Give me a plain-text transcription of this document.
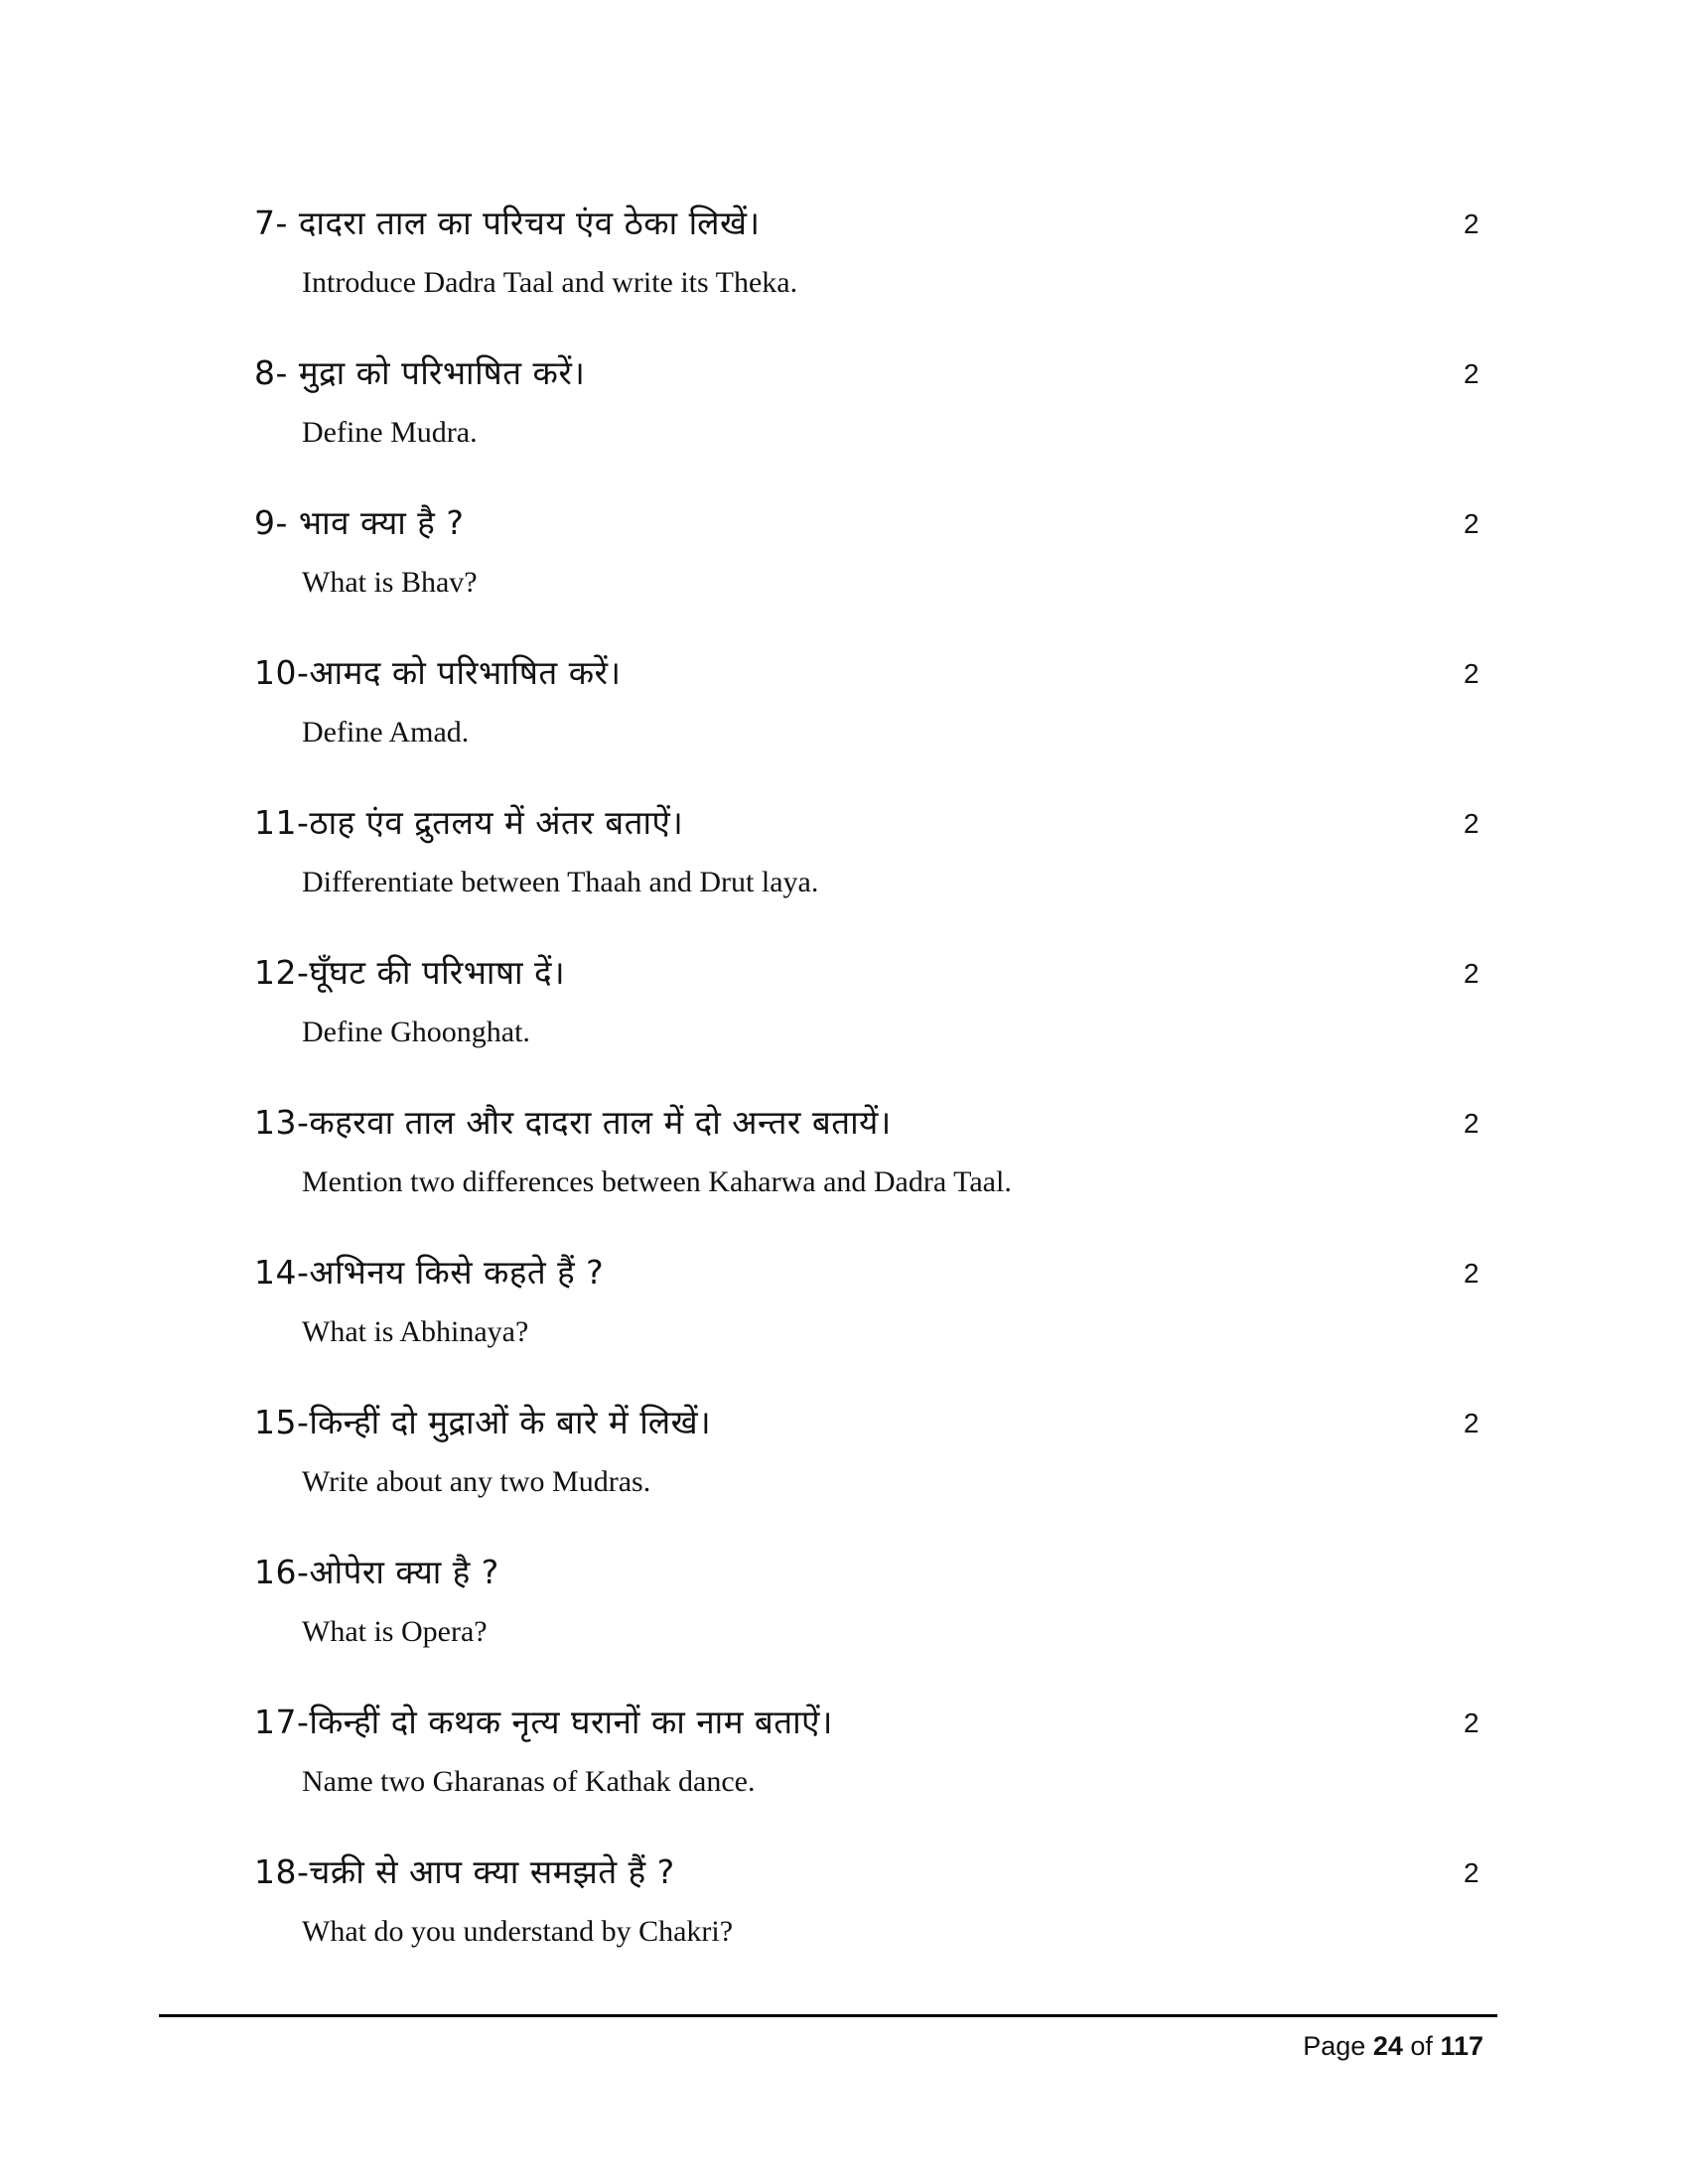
7- दादरा ताल का परिचय एंव ठेका लिखें।
Introduce Dadra Taal and write its Theka.
2
8- मुद्रा को परिभाषित करें।
Define Mudra.
2
9- भाव क्या है ?
What is Bhav?
2
10-आमद को परिभाषित करें।
Define Amad.
2
11-ठाह एंव द्रुतलय में अंतर बताऐं।
Differentiate between Thaah and Drut laya.
2
12-घूँघट की परिभाषा दें।
Define Ghoonghat.
2
13-कहरवा ताल और दादरा ताल में दो अन्तर बतायें।
Mention two differences between Kaharwa and Dadra Taal.
2
14-अभिनय किसे कहते हैं ?
What is Abhinaya?
2
15-किन्हीं दो मुद्राओं के बारे में लिखें।
Write about any two Mudras.
2
16-ओपेरा क्या है ?
What is Opera?
17-किन्हीं दो कथक नृत्य घरानों का नाम बताऐं।
Name two Gharanas of Kathak dance.
2
18-चक्री से आप क्या समझते हैं ?
What do you understand by Chakri?
2
Page 24 of 117
